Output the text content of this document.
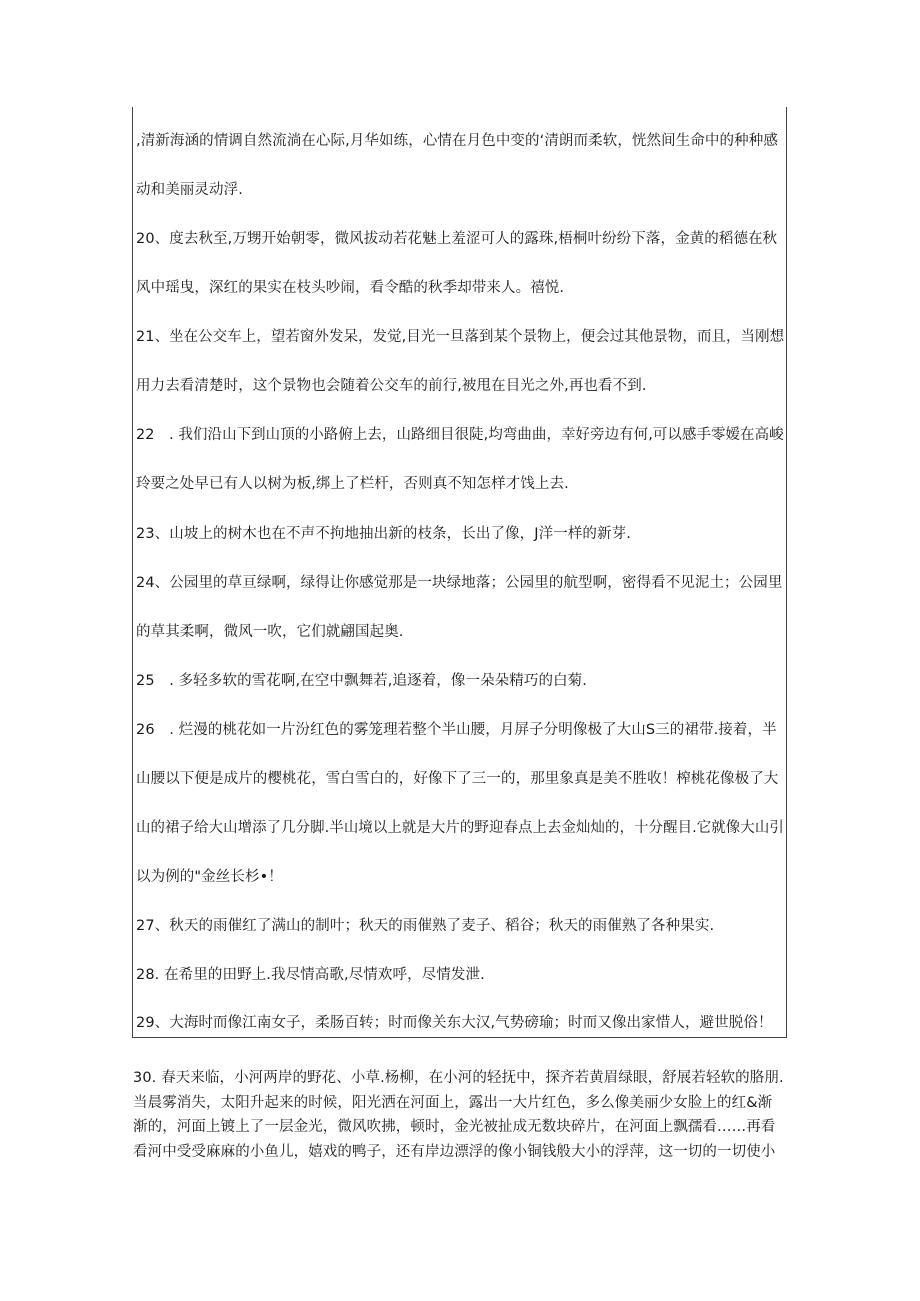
,清新海涵的情调自然流淌在心际,月华如练，心情在月色中变的‘清朗而柔软，恍然间生命中的种种感
动和美丽灵动浮.
20、度去秋至,万甥开始朝零，微风拔动若花魅上羞涩可人的露珠,梧桐叶纷纷下落，金黄的稻德在秋
风中瑶曳，深红的果实在枝头吵闹，看令酷的秋季却带来人。禧悦.
21、坐在公交车上，望若窗外发呆，发觉,目光一旦落到某个景物上，便会过其他景物，而且，当刚想
用力去看清楚时，这个景物也会随着公交车的前行,被甩在目光之外,再也看不到.
22　. 我们沿山下到山顶的小路俯上去，山路细目很陡,均弯曲曲，幸好旁边有何,可以感手零嫒在高峻
玲要之处早已有人以树为板,绑上了栏杆，否则真不知怎样才饯上去.
23、山坡上的树木也在不声不拘地抽出新的枝条，长出了像，J洋一样的新芽.
24、公园里的草亘绿啊，绿得让你感觉那是一块绿地落；公园里的航型啊，密得看不见泥土；公园里
的草其柔啊，微风一吹，它们就翩国起奥.
25　. 多轻多软的雪花啊,在空中飘舞若,追逐着，像一朵朵精巧的白菊.
26　. 烂漫的桃花如一片汾红色的雾笼理若整个半山腰，月屏子分明像极了大山S三的裙带.接着，半
山腰以下便是成片的樱桃花，雪白雪白的，好像下了三一的，那里象真是美不胜收！榨桃花像极了大
山的裙子给大山增添了几分脚.半山境以上就是大片的野迎春点上去金灿灿的，十分醒目.它就像大山引
以为例的"金丝长杉•！
27、秋天的雨催红了满山的制叶；秋天的雨催熟了麦子、稻谷；秋天的雨催熟了各种果实.
28. 在希里的田野上.我尽情高歌,尽情欢呼，尽情发泄.
29、大海时而像江南女子，柔肠百转；时而像关东大汉,气势磅瑜；时而又像出家惜人，避世脱俗！
30. 春天来临，小河两岸的野花、小草.杨柳，在小河的轻抚中，探齐若黄眉绿眼，舒展若轻软的胳朋.
当晨雾消失，太阳升起来的时候，阳光洒在河面上，露出一大片红色，多么像美丽少女脸上的红&渐
渐的，河面上镀上了一层金光，微风吹拂，顿时，金光被扯成无数块碎片，在河面上飘孺看……再看
看河中受受麻麻的小鱼儿，嬉戏的鸭子，还有岸边漂浮的像小铜钱般大小的浮萍，这一切的一切使小
